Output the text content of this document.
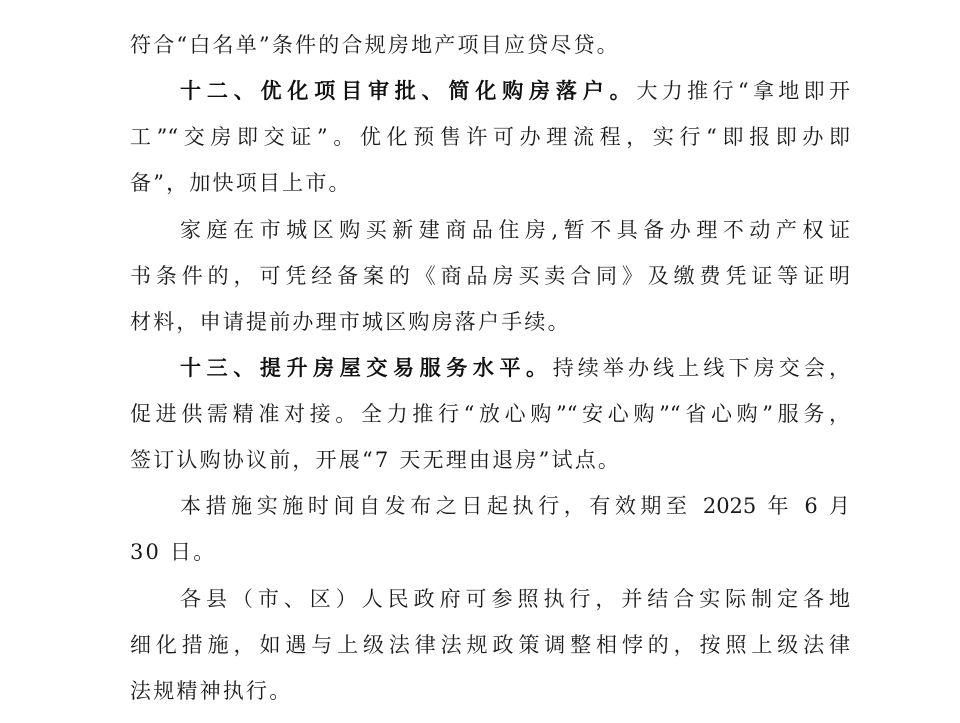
符合“白名单”条件的合规房地产项目应贷尽贷。
十二、优化项目审批、简化购房落户。大力推行“拿地即开
工”“交房即交证”。优化预售许可办理流程，实行“即报即办即
备”，加快项目上市。
家庭在市城区购买新建商品住房,暂不具备办理不动产权证
书条件的，可凭经备案的《商品房买卖合同》及缴费凭证等证明
材料，申请提前办理市城区购房落户手续。
十三、提升房屋交易服务水平。持续举办线上线下房交会，
促进供需精准对接。全力推行“放心购”“安心购”“省心购”服务，
签订认购协议前，开展“7 天无理由退房”试点。
本措施实施时间自发布之日起执行，有效期至 2025 年 6 月
30 日。
各县（市、区）人民政府可参照执行，并结合实际制定各地
细化措施，如遇与上级法律法规政策调整相悖的，按照上级法律
法规精神执行。
